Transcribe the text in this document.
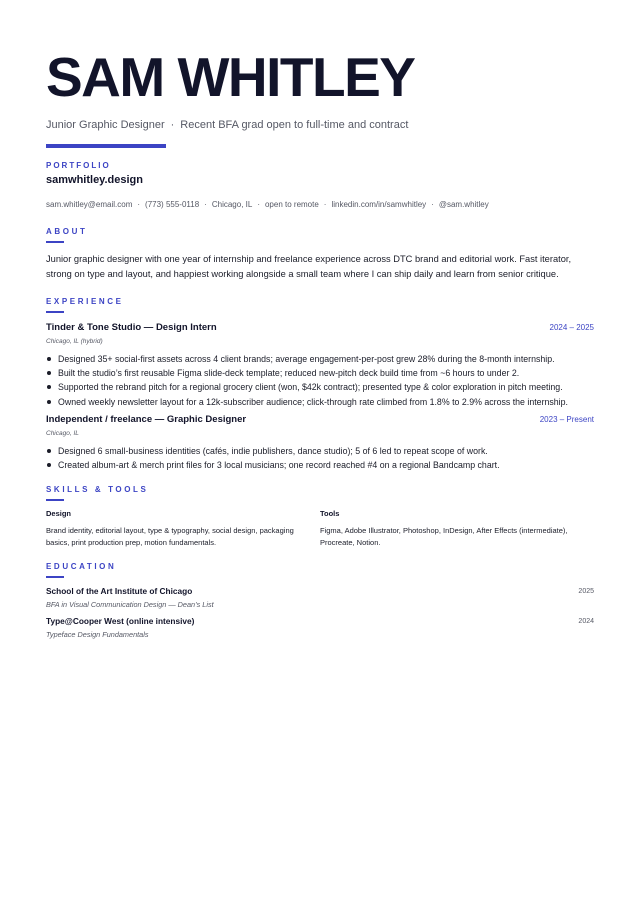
SAM WHITLEY
Junior Graphic Designer · Recent BFA grad open to full-time and contract
PORTFOLIO
samwhitley.design
sam.whitley@email.com · (773) 555-0118 · Chicago, IL · open to remote · linkedin.com/in/samwhitley · @sam.whitley
ABOUT
Junior graphic designer with one year of internship and freelance experience across DTC brand and editorial work. Fast iterator, strong on type and layout, and happiest working alongside a small team where I can ship daily and learn from senior critique.
EXPERIENCE
Tinder & Tone Studio — Design Intern	2024 – 2025
Chicago, IL (hybrid)
Designed 35+ social-first assets across 4 client brands; average engagement-per-post grew 28% during the 8-month internship.
Built the studio’s first reusable Figma slide-deck template; reduced new-pitch deck build time from ~6 hours to under 2.
Supported the rebrand pitch for a regional grocery client (won, $42k contract); presented type & color exploration in pitch meeting.
Owned weekly newsletter layout for a 12k-subscriber audience; click-through rate climbed from 1.8% to 2.9% across the internship.
Independent / freelance — Graphic Designer	2023 – Present
Chicago, IL
Designed 6 small-business identities (cafés, indie publishers, dance studio); 5 of 6 led to repeat scope of work.
Created album-art & merch print files for 3 local musicians; one record reached #4 on a regional Bandcamp chart.
SKILLS & TOOLS
Design
Brand identity, editorial layout, type & typography, social design, packaging basics, print production prep, motion fundamentals.
Tools
Figma, Adobe Illustrator, Photoshop, InDesign, After Effects (intermediate), Procreate, Notion.
EDUCATION
School of the Art Institute of Chicago	2025
BFA in Visual Communication Design — Dean’s List
Type@Cooper West (online intensive)	2024
Typeface Design Fundamentals
